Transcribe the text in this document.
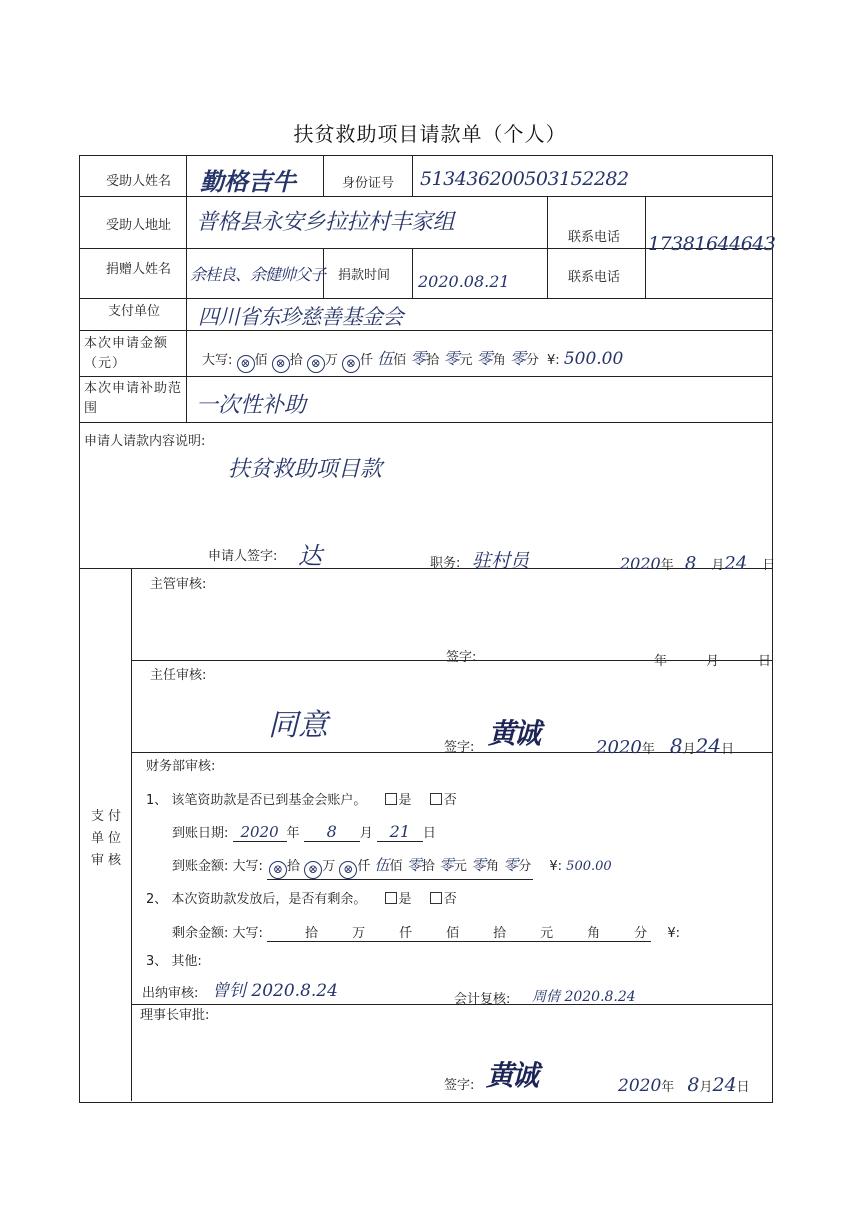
扶贫救助项目请款单（个人）
受助人姓名 勤格吉牛	身份证号 513436200503152282
受助人地址 普格县永安乡拉拉村丰家组
联系电话 17381644643
捐赠人姓名 余桂良、余健帅父子 捐款时间 2020.08.21	联系电话
支付单位 四川省东珍慈善基金会
本次申请金额（元）	大写: ⊗ 佰 ⊗ 拾 ⊗ 万 ⊗ 仟 伍佰 零拾 零元 零角 零分 ¥: 500.00
本次申请补助范围	一次性补助
申请人请款内容说明:
扶贫救助项目款
申请人签字: 达	职务: 驻村员	2020年 8 月24 日
支付单位审核
主管审核:
签字:	年	月	日
主任审核:
同意
签字: 黄诚	2020年 8月24日
财务部审核:
1、 该笔资助款是否已到基金会账户。 是 否
到账日期: 2020 年 8 月 21 日
到账金额: 大写: ⊗ 拾 ⊗ 万 ⊗ 仟 伍佰 零拾 零元 零角 零分 ¥: 500.00
2、 本次资助款发放后，是否有剩余。 是 否
剩余金额: 大写:	拾	万	仟	佰	拾	元	角	分 ¥:
3、 其他:
出纳审核: 曾钊 2020.8.24	会计复核: 周倩 2020.8.24
理事长审批:
签字: 黄诚	2020年 8月24日
